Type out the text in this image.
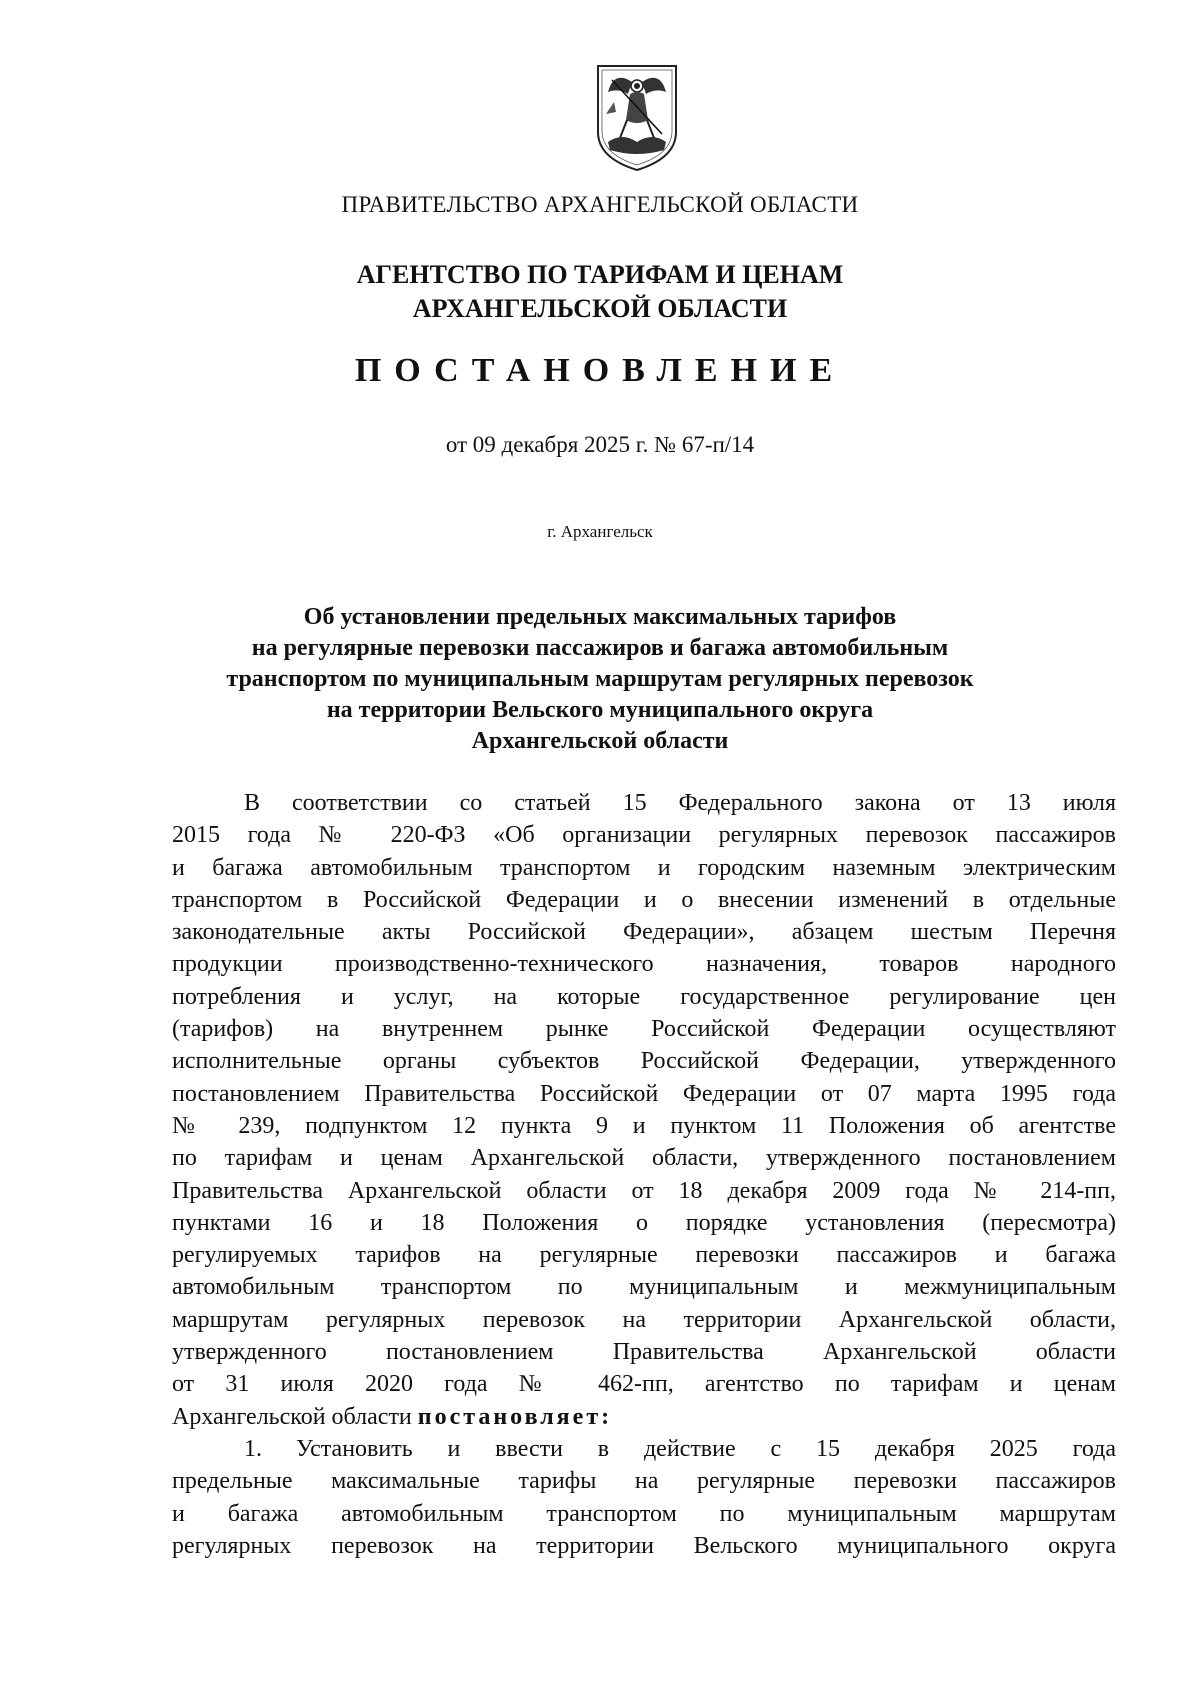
ПРАВИТЕЛЬСТВО АРХАНГЕЛЬСКОЙ ОБЛАСТИ
АГЕНТСТВО ПО ТАРИФАМ И ЦЕНАМ
АРХАНГЕЛЬСКОЙ ОБЛАСТИ
ПОСТАНОВЛЕНИЕ
от 09 декабря 2025 г. № 67-п/14
г. Архангельск
Об установлении предельных максимальных тарифов
на регулярные перевозки пассажиров и багажа автомобильным
транспортом по муниципальным маршрутам регулярных перевозок
на территории Вельского муниципального округа
Архангельской области
В соответствии со статьей 15 Федерального закона от 13 июля
2015 года № 220-ФЗ «Об организации регулярных перевозок пассажиров
и багажа автомобильным транспортом и городским наземным электрическим
транспортом в Российской Федерации и о внесении изменений в отдельные
законодательные акты Российской Федерации», абзацем шестым Перечня
продукции производственно-технического назначения, товаров народного
потребления и услуг, на которые государственное регулирование цен
(тарифов) на внутреннем рынке Российской Федерации осуществляют
исполнительные органы субъектов Российской Федерации, утвержденного
постановлением Правительства Российской Федерации от 07 марта 1995 года
№ 239, подпунктом 12 пункта 9 и пунктом 11 Положения об агентстве
по тарифам и ценам Архангельской области, утвержденного постановлением
Правительства Архангельской области от 18 декабря 2009 года № 214-пп,
пунктами 16 и 18 Положения о порядке установления (пересмотра)
регулируемых тарифов на регулярные перевозки пассажиров и багажа
автомобильным транспортом по муниципальным и межмуниципальным
маршрутам регулярных перевозок на территории Архангельской области,
утвержденного постановлением Правительства Архангельской области
от 31 июля 2020 года № 462-пп, агентство по тарифам и ценам
Архангельской области постановляет:
1. Установить и ввести в действие с 15 декабря 2025 года
предельные максимальные тарифы на регулярные перевозки пассажиров
и багажа автомобильным транспортом по муниципальным маршрутам
регулярных перевозок на территории Вельского муниципального округа
